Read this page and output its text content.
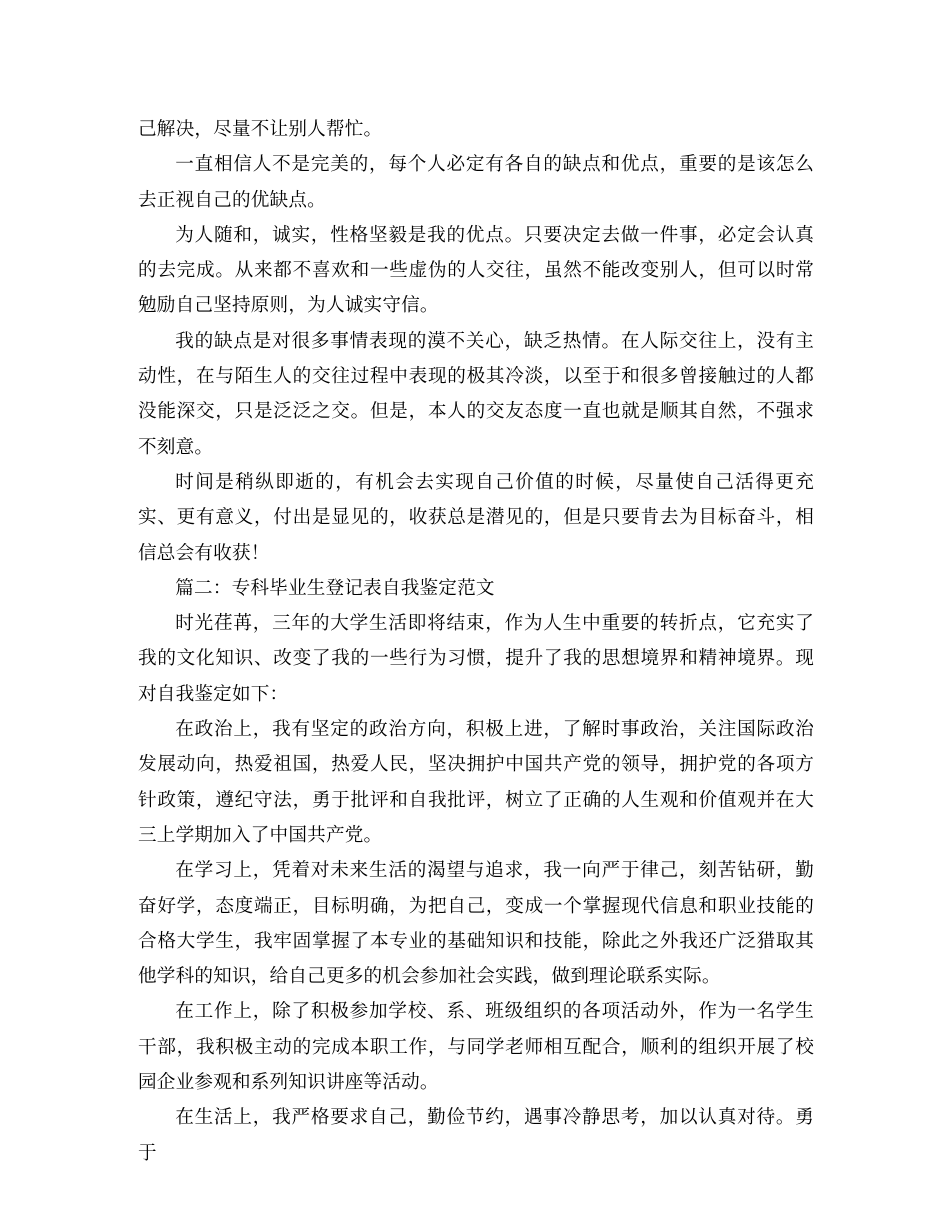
己解决，尽量不让别人帮忙。

一直相信人不是完美的，每个人必定有各自的缺点和优点，重要的是该怎么去正视自己的优缺点。

为人随和，诚实，性格坚毅是我的优点。只要决定去做一件事，必定会认真的去完成。从来都不喜欢和一些虚伪的人交往，虽然不能改变别人，但可以时常勉励自己坚持原则，为人诚实守信。

我的缺点是对很多事情表现的漠不关心，缺乏热情。在人际交往上，没有主动性，在与陌生人的交往过程中表现的极其冷淡，以至于和很多曾接触过的人都没能深交，只是泛泛之交。但是，本人的交友态度一直也就是顺其自然，不强求不刻意。

时间是稍纵即逝的，有机会去实现自己价值的时候，尽量使自己活得更充实、更有意义，付出是显见的，收获总是潜见的，但是只要肯去为目标奋斗，相信总会有收获！

篇二：专科毕业生登记表自我鉴定范文

时光荏苒，三年的大学生活即将结束，作为人生中重要的转折点，它充实了我的文化知识、改变了我的一些行为习惯，提升了我的思想境界和精神境界。现对自我鉴定如下：

在政治上，我有坚定的政治方向，积极上进，了解时事政治，关注国际政治发展动向，热爱祖国，热爱人民，坚决拥护中国共产党的领导，拥护党的各项方针政策，遵纪守法，勇于批评和自我批评，树立了正确的人生观和价值观并在大三上学期加入了中国共产党。

在学习上，凭着对未来生活的渴望与追求，我一向严于律己，刻苦钻研，勤奋好学，态度端正，目标明确，为把自己，变成一个掌握现代信息和职业技能的合格大学生，我牢固掌握了本专业的基础知识和技能，除此之外我还广泛猎取其他学科的知识，给自己更多的机会参加社会实践，做到理论联系实际。

在工作上，除了积极参加学校、系、班级组织的各项活动外，作为一名学生干部，我积极主动的完成本职工作，与同学老师相互配合，顺利的组织开展了校园企业参观和系列知识讲座等活动。

在生活上，我严格要求自己，勤俭节约，遇事冷静思考，加以认真对待。勇于
